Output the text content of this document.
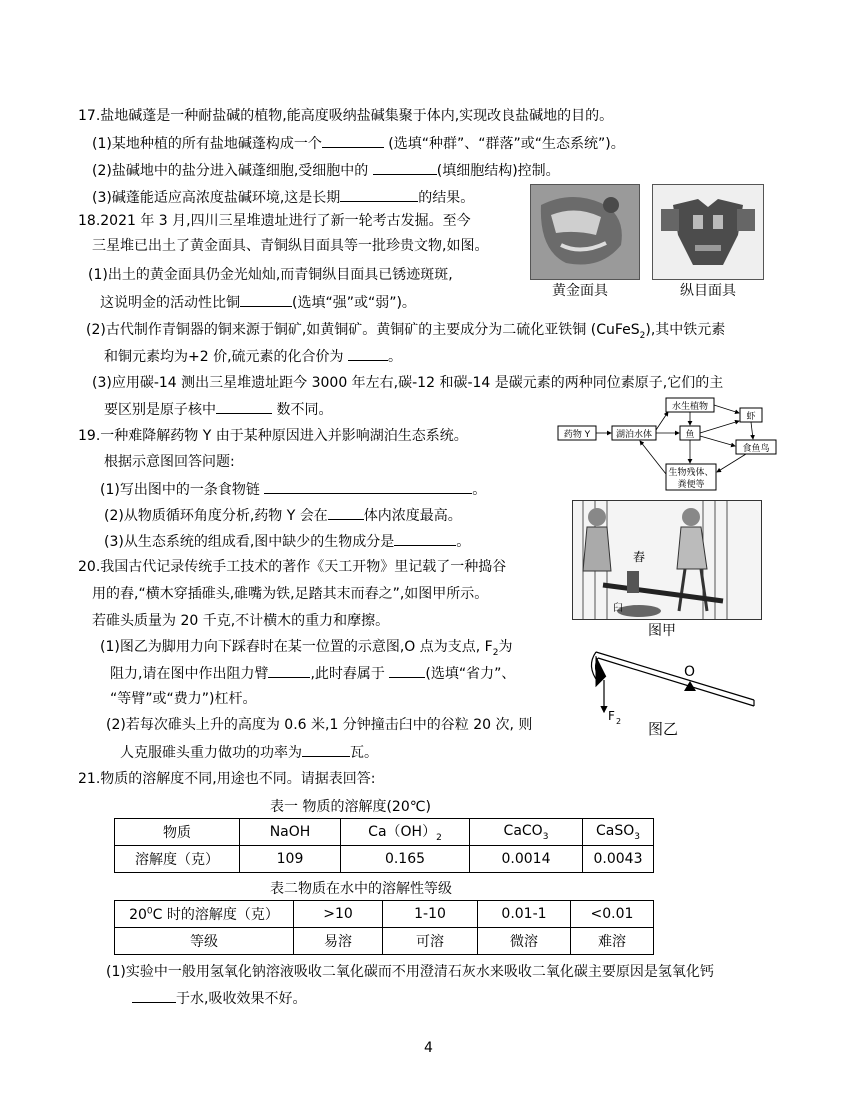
17.盐地碱蓬是一种耐盐碱的植物,能高度吸纳盐碱集聚于体内,实现改良盐碱地的目的。
(1)某地种植的所有盐地碱蓬构成一个	(选填“种群”、“群落”或“生态系统”)。
(2)盐碱地中的盐分进入碱蓬细胞,受细胞中的	(填细胞结构)控制。
(3)碱蓬能适应高浓度盐碱环境,这是长期	的结果。
18.2021 年 3 月,四川三星堆遗址进行了新一轮考古发掘。至今
三星堆已出土了黄金面具、青铜纵目面具等一批珍贵文物,如图。
(1)出土的黄金面具仍金光灿灿,而青铜纵目面具已锈迹斑斑,
这说明金的活动性比铜	(选填“强”或“弱”)。
(2)古代制作青铜器的铜来源于铜矿,如黄铜矿。黄铜矿的主要成分为二硫化亚铁铜 (CuFeS$_2$),其中铁元素
和铜元素均为+2 价,硫元素的化合价为	。
(3)应用碳-14 测出三星堆遗址距今 3000 年左右,碳-12 和碳-14 是碳元素的两种同位素原子,它们的主
要区别是原子核中	数不同。
黄金面具	纵目面具
19.一种难降解药物 Y 由于某种原因进入并影响湖泊生态系统。
根据示意图回答问题:
(1)写出图中的一条食物链	。
(2)从物质循环角度分析,药物 Y 会在	体内浓度最高。
(3)从生态系统的组成看,图中缺少的生物成分是	。
药物 Y	湖泊水体
水生植物
鱼
虾
食鱼鸟
生物残体、
粪便等
20.我国古代记录传统手工技术的著作《天工开物》里记载了一种捣谷
用的舂,“横木穿插碓头,碓嘴为铁,足踏其末而舂之”,如图甲所示。
若碓头质量为 20 千克,不计横木的重力和摩擦。
(1)图乙为脚用力向下踩舂时在某一位置的示意图,O 点为支点, $F_2$为
阻力,请在图中作出阻力臂	,此时舂属于	(选填“省力”、
“等臂”或“费力”)杠杆。
(2)若每次碓头上升的高度为 0.6 米,1 分钟撞击臼中的谷粒 20 次, 则
人克服碓头重力做功的功率为	瓦。
舂
臼
图甲
O
F 2 图乙
21.物质的溶解度不同,用途也不同。请据表回答:
表一 物质的溶解度(20℃)
物质	NaOH	$Ca(OH)_2$	CaCO$_3$	CaSO$_3$
溶解度（克）	109	0.165	0.0014	0.0043
表二物质在水中的溶解性等级
$20^0C$ 时的溶解度（克）	>10	1-10	0.01-1	<0.01
等级	易溶	可溶	微溶	难溶
(1)实验中一般用氢氧化钠溶液吸收二氧化碳而不用澄清石灰水来吸收二氧化碳主要原因是氢氧化钙
于水,吸收效果不好。
4
